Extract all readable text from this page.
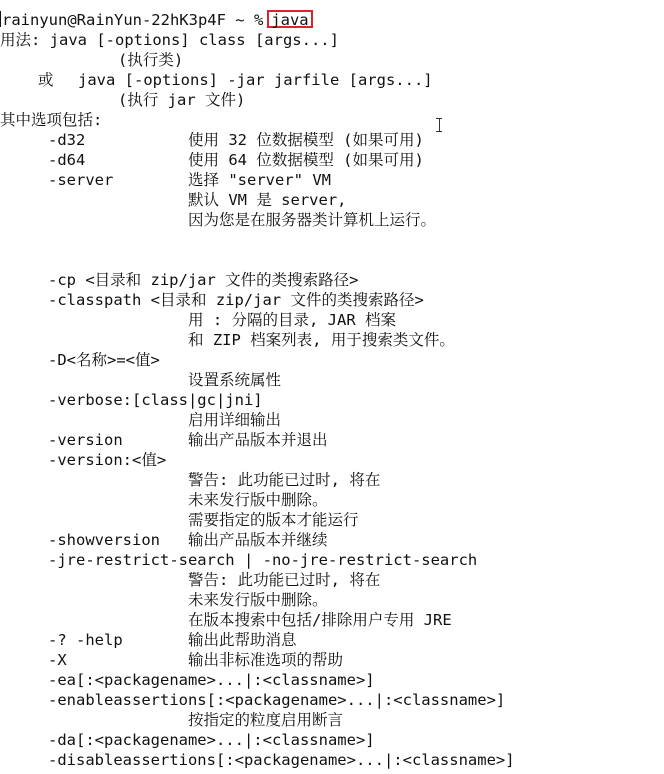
rainyun@RainYun-22hK3p4F ~ % java
用法: java [-options] class [args...]
(执行类)
或 java [-options] -jar jarfile [args...]
(执行 jar 文件)
其中选项包括:
-d32	使用 32 位数据模型 (如果可用)
-d64	使用 64 位数据模型 (如果可用)
-server	选择 "server" VM
默认 VM 是 server,
因为您是在服务器类计算机上运行。
-cp <目录和 zip/jar 文件的类搜索路径>
-classpath <目录和 zip/jar 文件的类搜索路径>
用 : 分隔的目录, JAR 档案
和 ZIP 档案列表, 用于搜索类文件。
-D<名称>=<值>
设置系统属性
-verbose:[class|gc|jni]
启用详细输出
-version	输出产品版本并退出
-version:<值>
警告: 此功能已过时, 将在
未来发行版中删除。
需要指定的版本才能运行
-showversion 输出产品版本并继续
-jre-restrict-search | -no-jre-restrict-search
警告: 此功能已过时, 将在
未来发行版中删除。
在版本搜索中包括/排除用户专用 JRE
-? -help	输出此帮助消息
-X	输出非标准选项的帮助
-ea[:<packagename>...|:<classname>]
-enableassertions[:<packagename>...|:<classname>]
按指定的粒度启用断言
-da[:<packagename>...|:<classname>]
-disableassertions[:<packagename>...|:<classname>]
